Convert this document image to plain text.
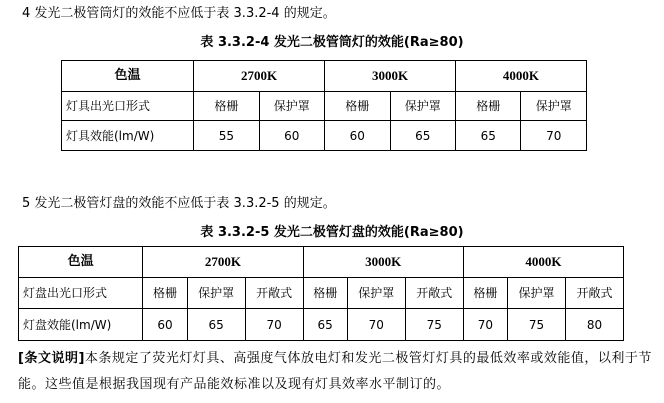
4 发光二极管筒灯的效能不应低于表 3.3.2-4 的规定。
表 3.3.2-4 发光二极管筒灯的效能(Ra≥80)
色温	2700K		3000K		4000K	
灯具出光口形式	格栅	保护罩	格栅	保护罩	格栅	保护罩
灯具效能(lm/W)	55	60	60	65	65	70
5 发光二极管灯盘的效能不应低于表 3.3.2-5 的规定。
表 3.3.2-5 发光二极管灯盘的效能(Ra≥80)
色温	2700K			3000K			4000K		
灯盘出光口形式	格栅	保护罩	开敞式	格栅	保护罩	开敞式	格栅	保护罩	开敞式
灯盘效能(lm/W)	60	65	70	65	70	75	70	75	80
[条文说明]本条规定了荧光灯灯具、高强度气体放电灯和发光二极管灯灯具的最低效率或效能值，以利于节能。这些值是根据我国现有产品能效标准以及现有灯具效率水平制订的。
